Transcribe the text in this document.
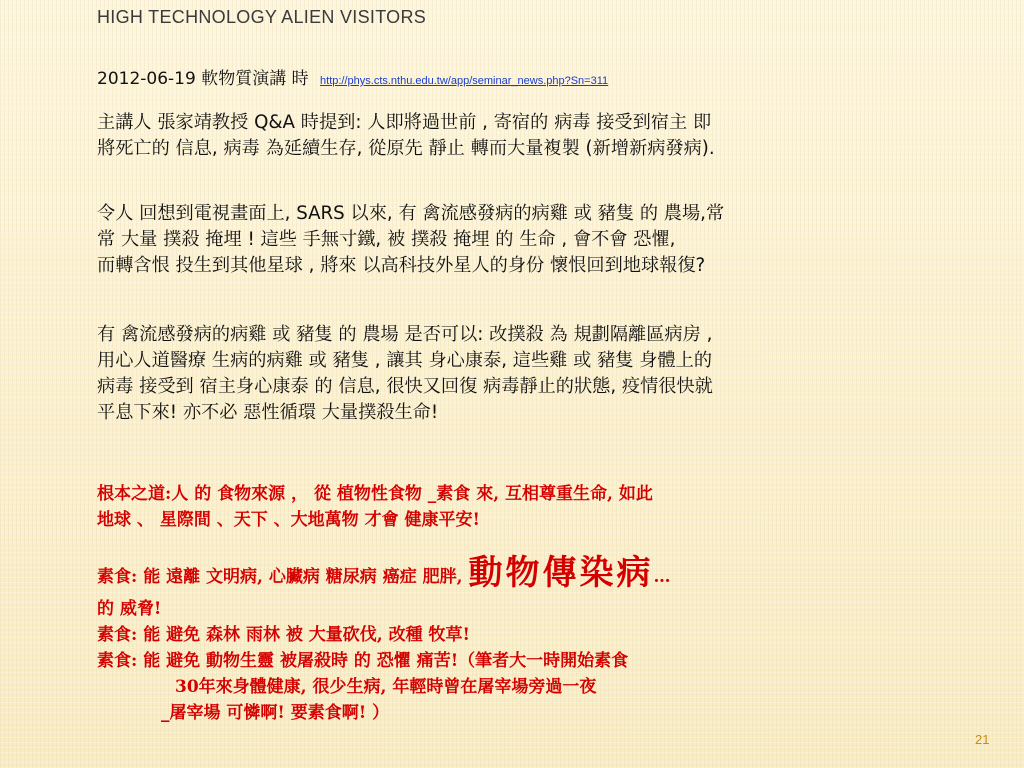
HIGH TECHNOLOGY ALIEN VISITORS
2012-06-19 軟物質演講 時 http://phys.cts.nthu.edu.tw/app/seminar_news.php?Sn=311
主講人 張家靖教授 Q&A 時提到: 人即將過世前 , 寄宿的 病毒 接受到宿主 即
將死亡的 信息, 病毒 為延續生存, 從原先 靜止 轉而大量複製 (新增新病發病).
令人 回想到電視畫面上, SARS 以來, 有 禽流感發病的病雞 或 豬隻 的 農場,常
常 大量 撲殺 掩埋 ! 這些 手無寸鐵, 被 撲殺 掩埋 的 生命 , 會不會 恐懼,
而轉含恨 投生到其他星球 , 將來 以高科技外星人的身份 懷恨回到地球報復?
有 禽流感發病的病雞 或 豬隻 的 農場 是否可以: 改撲殺 為 規劃隔離區病房 ,
用心人道醫療 生病的病雞 或 豬隻 , 讓其 身心康泰, 這些雞 或 豬隻 身體上的
病毒 接受到 宿主身心康泰 的 信息, 很快又回復 病毒靜止的狀態, 疫情很快就
平息下來! 亦不必 惡性循環 大量撲殺生命!
根本之道:人 的 食物來源 ， 從 植物性食物 _素食 來, 互相尊重生命, 如此
地球 、 星際間 、天下 、大地萬物 才會 健康平安!
素食: 能 遠離 文明病, 心臟病 糖尿病 癌症 肥胖, 動物傳染病…
的 威脅!
素食: 能 避免 森林 雨林 被 大量砍伐, 改種 牧草!
素食: 能 避免 動物生靈 被屠殺時 的 恐懼 痛苦!（筆者大一時開始素食
30年來身體健康, 很少生病, 年輕時曾在屠宰場旁過一夜
_屠宰場 可憐啊! 要素食啊! ）
21
